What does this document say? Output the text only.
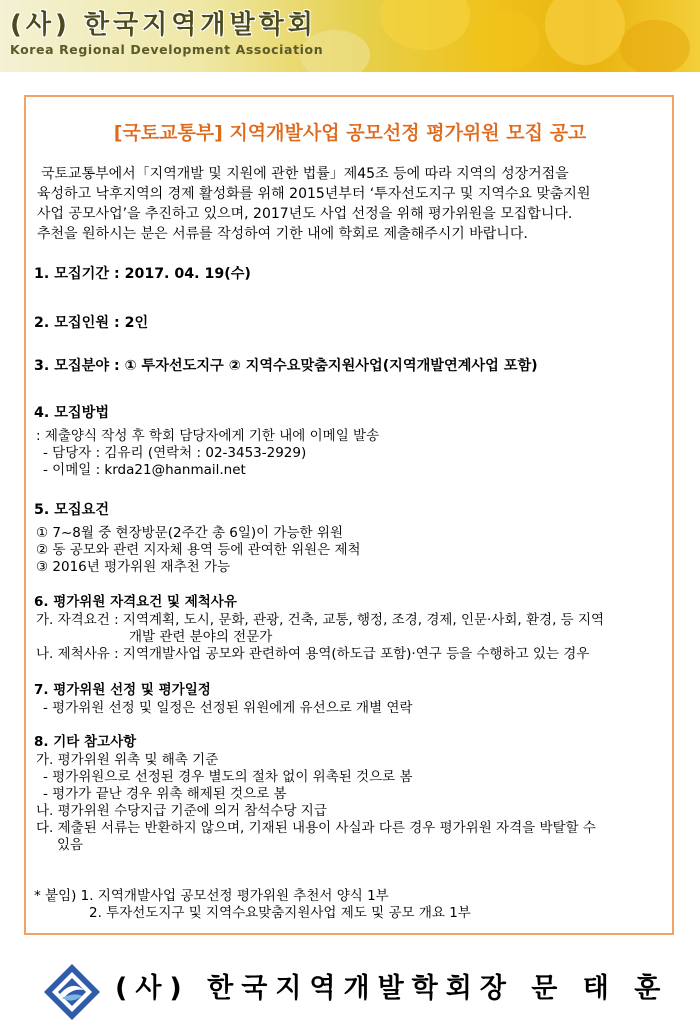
(사) 한국지역개발학회
Korea Regional Development Association
[국토교통부] 지역개발사업 공모선정 평가위원 모집 공고
국토교통부에서「지역개발 및 지원에 관한 법률」제45조 등에 따라 지역의 성장거점을
육성하고 낙후지역의 경제 활성화를 위해 2015년부터 ‘투자선도지구 및 지역수요 맞춤지원
사업 공모사업’을 추진하고 있으며, 2017년도 사업 선정을 위해 평가위원을 모집합니다.
추천을 원하시는 분은 서류를 작성하여 기한 내에 학회로 제출해주시기 바랍니다.
1. 모집기간 : 2017. 04. 19(수)
2. 모집인원 : 2인
3. 모집분야 : ① 투자선도지구 ② 지역수요맞춤지원사업(지역개발연계사업 포함)
4. 모집방법
: 제출양식 작성 후 학회 담당자에게 기한 내에 이메일 발송
- 담당자 : 김유리 (연락처 : 02-3453-2929)
- 이메일 : krda21@hanmail.net
5. 모집요건
① 7~8월 중 현장방문(2주간 총 6일)이 가능한 위원
② 동 공모와 관련 지자체 용역 등에 관여한 위원은 제척
③ 2016년 평가위원 재추천 가능
6. 평가위원 자격요건 및 제척사유
가. 자격요건 : 지역계획, 도시, 문화, 관광, 건축, 교통, 행정, 조경, 경제, 인문·사회, 환경, 등 지역
개발 관련 분야의 전문가
나. 제척사유 : 지역개발사업 공모와 관련하여 용역(하도급 포함)·연구 등을 수행하고 있는 경우
7. 평가위원 선정 및 평가일정
- 평가위원 선정 및 일정은 선정된 위원에게 유선으로 개별 연락
8. 기타 참고사항
가. 평가위원 위촉 및 해촉 기준
- 평가위원으로 선정된 경우 별도의 절차 없이 위촉된 것으로 봄
- 평가가 끝난 경우 위촉 해제된 것으로 봄
나. 평가위원 수당지급 기준에 의거 참석수당 지급
다. 제출된 서류는 반환하지 않으며, 기재된 내용이 사실과 다른 경우 평가위원 자격을 박탈할 수
있음
* 붙임) 1. 지역개발사업 공모선정 평가위원 추천서 양식 1부
2. 투자선도지구 및 지역수요맞춤지원사업 제도 및 공모 개요 1부
(사) 한국지역개발학회장 문 태 훈
